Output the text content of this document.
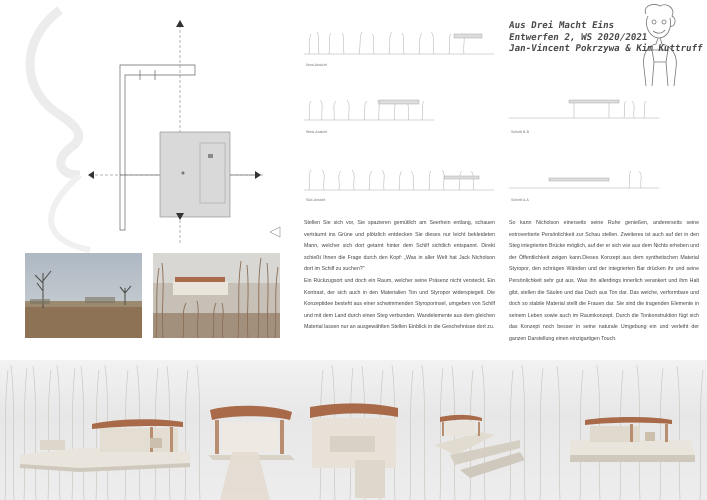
Aus Drei Macht Eins
Entwerfen 2, WS 2020/2021
Jan-Vincent Pokrzywa & Kim Kuttruff
Nord-Ansicht
West-Ansicht
Süd-Ansicht
Schnitt B-B
Schnitt A-A

Stellen Sie sich vor, Sie spazieren gemütlich am Seerhein entlang, schauen verträumt ins Grüne und plötzlich entdecken Sie dieses nur leicht bekleideten Mann, welcher sich dort getarnt hinter dem Schilf sichtlich entspannt. Direkt schießt Ihnen die Frage durch den Kopf: „Was in aller Welt hat Jack Nicholson dort im Schilf zu suchen?"

Ein Rückzugsort und doch ein Raum, welcher seine Präsenz nicht versteckt. Ein Kontrast, der sich auch in den Materialien Ton und Styropor widerspiegelt. Die Konzeptidee besteht aus einer schwimmenden Styroporinsel, umgeben von Schilf und mit dem Land durch einen Steg verbunden. Wandelemente aus dem gleichen Material lassen nur an ausgewählten Stellen Einblick in die Geschehnisse dort zu.

So kann Nicholson einerseits seine Ruhe genießen, andererseits seine extrovertierte Persönlichkeit zur Schau stellen. Zweiteres ist auch auf der in den Steg integrierten Brücke möglich, auf der er sich wie aus dem Nichts erheben und der Öffentlichkeit zeigen kann.Dieses Konzept aus dem synthetischen Material Styropor, den schrägen Wänden und der integrierten Bar drücken ihr und seine Persönlichkeit sehr gut aus. Was ihn allerdings innerlich verankert und ihm Halt gibt, stellen die Säulen und das Dach aus Ton dar. Das weiche, verformbare und doch so stabile Material stellt die Frauen dar. Sie sind die tragenden Elemente in seinem Leben sowie auch im Raumkonzept. Durch die Tonkonstruktion fügt sich das Konzept noch besser in seine naturale Umgebung ein und verleiht der ganzen Darstellung einen einzigartigen Touch.
